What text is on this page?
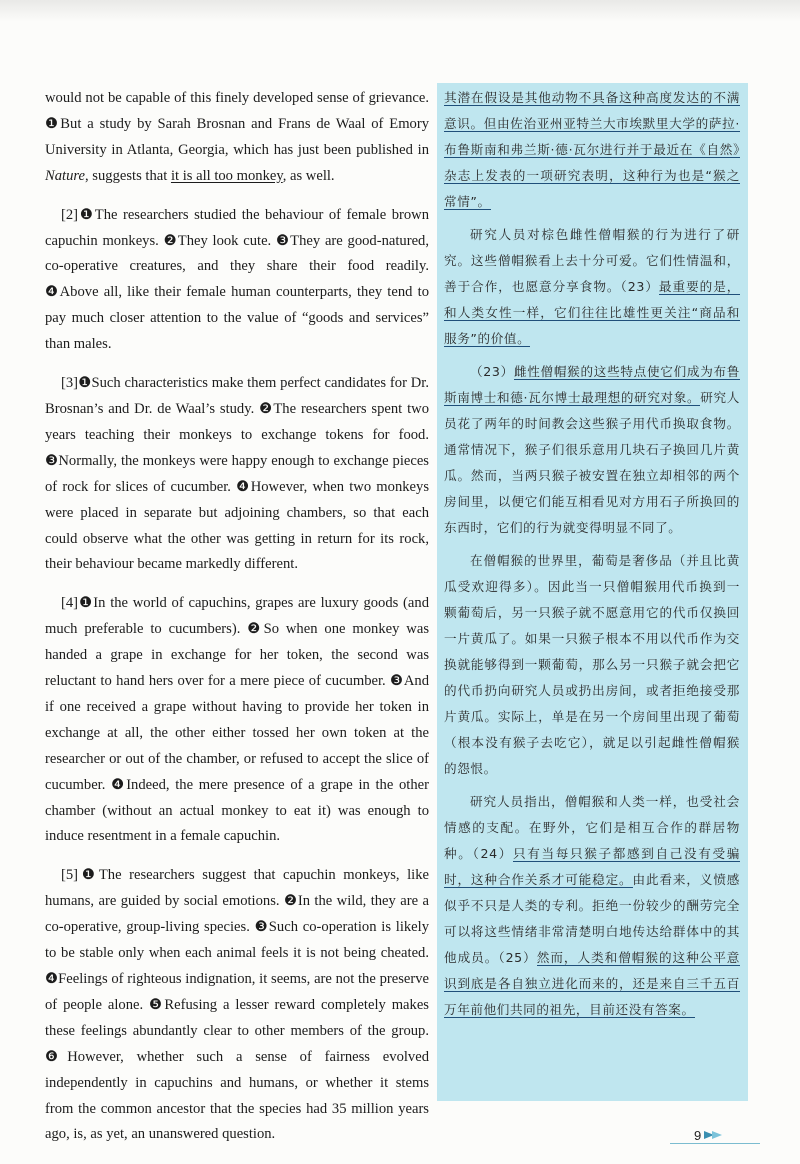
would not be capable of this finely developed sense of grievance. ❶But a study by Sarah Brosnan and Frans de Waal of Emory University in Atlanta, Georgia, which has just been published in Nature, suggests that it is all too monkey, as well.

[2]❶The researchers studied the behaviour of female brown capuchin monkeys. ❷They look cute. ❸They are good-natured, co-operative creatures, and they share their food readily. ❹Above all, like their female human counterparts, they tend to pay much closer attention to the value of “goods and services” than males.

[3]❶Such characteristics make them perfect candidates for Dr. Brosnan’s and Dr. de Waal’s study. ❷The researchers spent two years teaching their monkeys to exchange tokens for food. ❸Normally, the monkeys were happy enough to exchange pieces of rock for slices of cucumber. ❹However, when two monkeys were placed in separate but adjoining chambers, so that each could observe what the other was getting in return for its rock, their behaviour became markedly different.

[4]❶In the world of capuchins, grapes are luxury goods (and much preferable to cucumbers). ❷So when one monkey was handed a grape in exchange for her token, the second was reluctant to hand hers over for a mere piece of cucumber. ❸And if one received a grape without having to provide her token in exchange at all, the other either tossed her own token at the researcher or out of the chamber, or refused to accept the slice of cucumber. ❹Indeed, the mere presence of a grape in the other chamber (without an actual monkey to eat it) was enough to induce resentment in a female capuchin.

[5]❶The researchers suggest that capuchin monkeys, like humans, are guided by social emotions. ❷In the wild, they are a co-operative, group-living species. ❸Such co-operation is likely to be stable only when each animal feels it is not being cheated. ❹Feelings of righteous indignation, it seems, are not the preserve of people alone. ❺Refusing a lesser reward completely makes these feelings abundantly clear to other members of the group. ❻However, whether such a sense of fairness evolved independently in capuchins and humans, or whether it stems from the common ancestor that the species had 35 million years ago, is, as yet, an unanswered question.

其潜在假设是其他动物不具备这种高度发达的不满意识。但由佐治亚州亚特兰大市埃默里大学的萨拉·布鲁斯南和弗兰斯·德·瓦尔进行并于最近在《自然》杂志上发表的一项研究表明，这种行为也是“猴之常情”。

研究人员对棕色雌性僧帽猴的行为进行了研究。这些僧帽猴看上去十分可爱。它们性情温和，善于合作，也愿意分享食物。（23）最重要的是，和人类女性一样，它们往往比雄性更关注“商品和服务”的价值。

（23）雌性僧帽猴的这些特点使它们成为布鲁斯南博士和德·瓦尔博士最理想的研究对象。研究人员花了两年的时间教会这些猴子用代币换取食物。通常情况下，猴子们很乐意用几块石子换回几片黄瓜。然而，当两只猴子被安置在独立却相邻的两个房间里，以便它们能互相看见对方用石子所换回的东西时，它们的行为就变得明显不同了。

在僧帽猴的世界里，葡萄是奢侈品（并且比黄瓜受欢迎得多）。因此当一只僧帽猴用代币换到一颗葡萄后，另一只猴子就不愿意用它的代币仅换回一片黄瓜了。如果一只猴子根本不用以代币作为交换就能够得到一颗葡萄，那么另一只猴子就会把它的代币扔向研究人员或扔出房间，或者拒绝接受那片黄瓜。实际上，单是在另一个房间里出现了葡萄（根本没有猴子去吃它），就足以引起雌性僧帽猴的怨恨。

研究人员指出，僧帽猴和人类一样，也受社会情感的支配。在野外，它们是相互合作的群居物种。（24）只有当每只猴子都感到自己没有受骗时，这种合作关系才可能稳定。由此看来，义愤感似乎不只是人类的专利。拒绝一份较少的酬劳完全可以将这些情绪非常清楚明白地传达给群体中的其他成员。（25）然而，人类和僧帽猴的这种公平意识到底是各自独立进化而来的，还是来自三千五百万年前他们共同的祖先，目前还没有答案。

9
